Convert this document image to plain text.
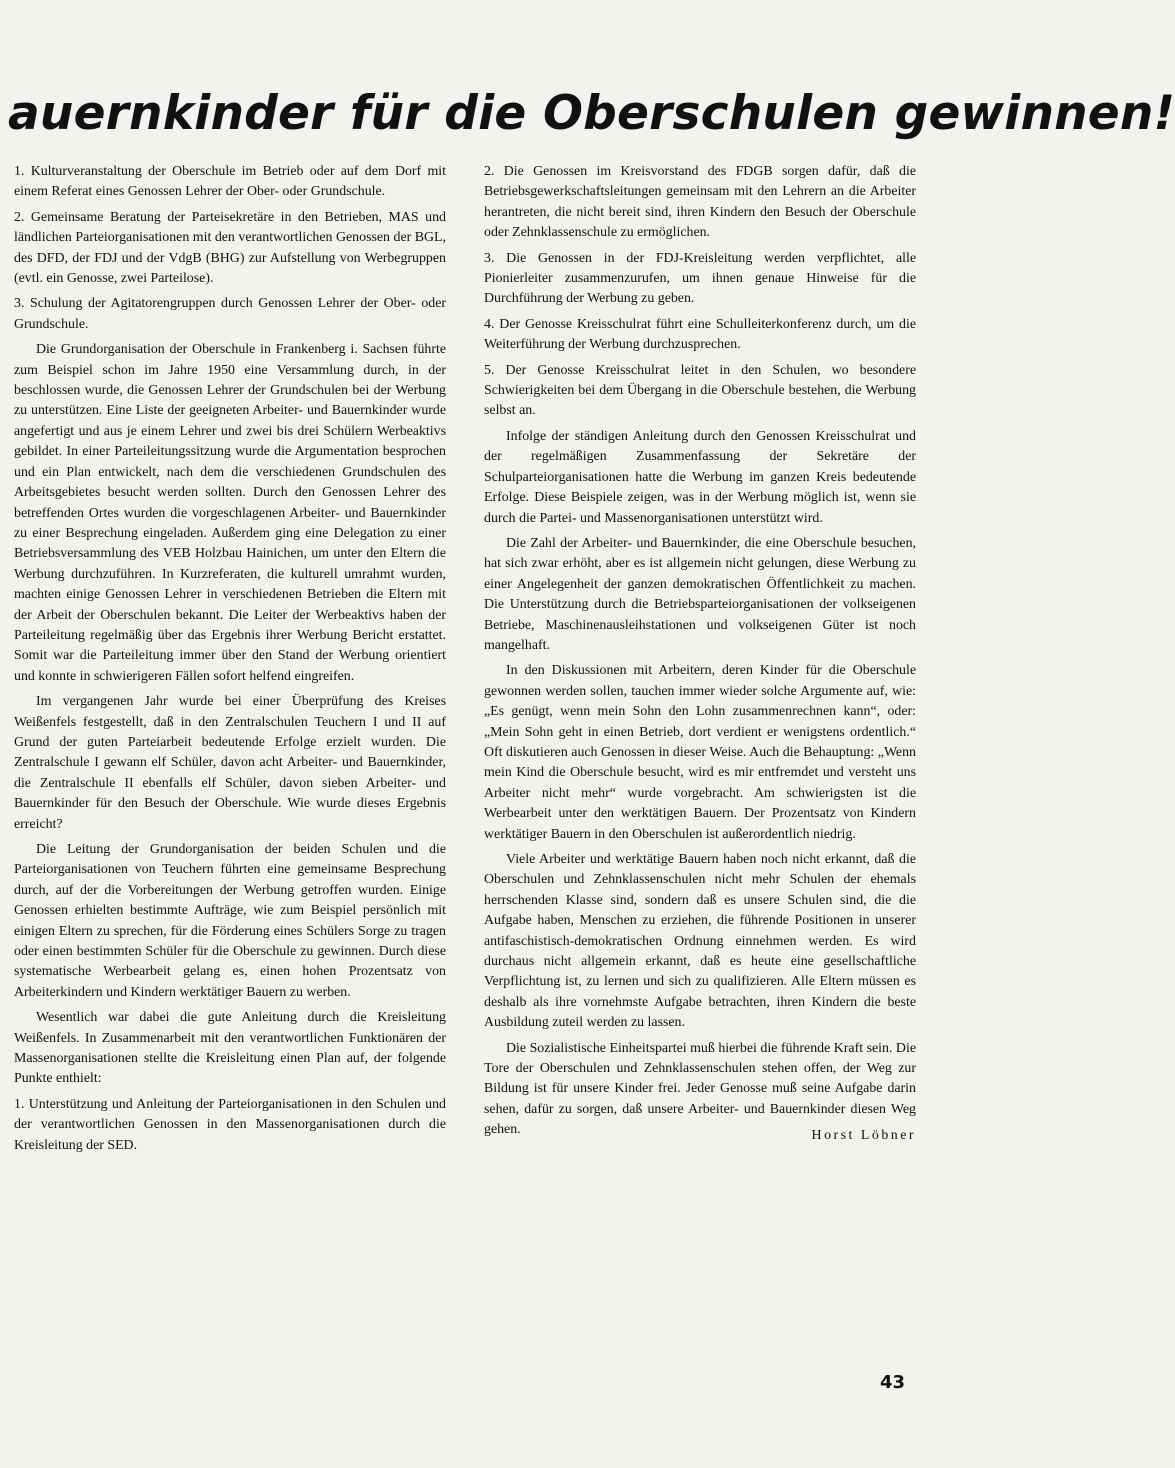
auernkinder für die Oberschulen gewinnen!

1. Kulturveranstaltung der Oberschule im Betrieb oder auf dem Dorf mit einem Referat eines Genossen Lehrer der Ober- oder Grundschule.

2. Gemeinsame Beratung der Parteisekretäre in den Betrieben, MAS und ländlichen Parteiorganisationen mit den verantwortlichen Genossen der BGL, des DFD, der FDJ und der VdgB (BHG) zur Aufstellung von Werbegruppen (evtl. ein Genosse, zwei Parteilose).

3. Schulung der Agitatorengruppen durch Genossen Lehrer der Ober- oder Grundschule.

Die Grundorganisation der Oberschule in Frankenberg i. Sachsen führte zum Beispiel schon im Jahre 1950 eine Versammlung durch, in der beschlossen wurde, die Genossen Lehrer der Grundschulen bei der Werbung zu unterstützen. Eine Liste der geeigneten Arbeiter- und Bauernkinder wurde angefertigt und aus je einem Lehrer und zwei bis drei Schülern Werbeaktivs gebildet. In einer Parteileitungssitzung wurde die Argumentation besprochen und ein Plan entwickelt, nach dem die verschiedenen Grundschulen des Arbeitsgebietes besucht werden sollten. Durch den Genossen Lehrer des betreffenden Ortes wurden die vorgeschlagenen Arbeiter- und Bauernkinder zu einer Besprechung eingeladen. Außerdem ging eine Delegation zu einer Betriebsversammlung des VEB Holzbau Hainichen, um unter den Eltern die Werbung durchzuführen. In Kurzreferaten, die kulturell umrahmt wurden, machten einige Genossen Lehrer in verschiedenen Betrieben die Eltern mit der Arbeit der Oberschulen bekannt. Die Leiter der Werbeaktivs haben der Parteileitung regelmäßig über das Ergebnis ihrer Werbung Bericht erstattet. Somit war die Parteileitung immer über den Stand der Werbung orientiert und konnte in schwierigeren Fällen sofort helfend eingreifen.

Im vergangenen Jahr wurde bei einer Überprüfung des Kreises Weißenfels festgestellt, daß in den Zentralschulen Teuchern I und II auf Grund der guten Parteiarbeit bedeutende Erfolge erzielt wurden. Die Zentralschule I gewann elf Schüler, davon acht Arbeiter- und Bauernkinder, die Zentralschule II ebenfalls elf Schüler, davon sieben Arbeiter- und Bauernkinder für den Besuch der Oberschule. Wie wurde dieses Ergebnis erreicht?

Die Leitung der Grundorganisation der beiden Schulen und die Parteiorganisationen von Teuchern führten eine gemeinsame Besprechung durch, auf der die Vorbereitungen der Werbung getroffen wurden. Einige Genossen erhielten bestimmte Aufträge, wie zum Beispiel persönlich mit einigen Eltern zu sprechen, für die Förderung eines Schülers Sorge zu tragen oder einen bestimmten Schüler für die Oberschule zu gewinnen. Durch diese systematische Werbearbeit gelang es, einen hohen Prozentsatz von Arbeiterkindern und Kindern werktätiger Bauern zu werben.

Wesentlich war dabei die gute Anleitung durch die Kreisleitung Weißenfels. In Zusammenarbeit mit den verantwortlichen Funktionären der Massenorganisationen stellte die Kreisleitung einen Plan auf, der folgende Punkte enthielt:

1. Unterstützung und Anleitung der Parteiorganisationen in den Schulen und der verantwortlichen Genossen in den Massenorganisationen durch die Kreisleitung der SED.

2. Die Genossen im Kreisvorstand des FDGB sorgen dafür, daß die Betriebsgewerkschaftsleitungen gemeinsam mit den Lehrern an die Arbeiter herantreten, die nicht bereit sind, ihren Kindern den Besuch der Oberschule oder Zehnklassenschule zu ermöglichen.

3. Die Genossen in der FDJ-Kreisleitung werden verpflichtet, alle Pionierleiter zusammenzurufen, um ihnen genaue Hinweise für die Durchführung der Werbung zu geben.

4. Der Genosse Kreisschulrat führt eine Schulleiterkonferenz durch, um die Weiterführung der Werbung durchzusprechen.

5. Der Genosse Kreisschulrat leitet in den Schulen, wo besondere Schwierigkeiten bei dem Übergang in die Oberschule bestehen, die Werbung selbst an.

Infolge der ständigen Anleitung durch den Genossen Kreisschulrat und der regelmäßigen Zusammenfassung der Sekretäre der Schulparteiorganisationen hatte die Werbung im ganzen Kreis bedeutende Erfolge. Diese Beispiele zeigen, was in der Werbung möglich ist, wenn sie durch die Partei- und Massenorganisationen unterstützt wird.

Die Zahl der Arbeiter- und Bauernkinder, die eine Oberschule besuchen, hat sich zwar erhöht, aber es ist allgemein nicht gelungen, diese Werbung zu einer Angelegenheit der ganzen demokratischen Öffentlichkeit zu machen. Die Unterstützung durch die Betriebsparteiorganisationen der volkseigenen Betriebe, Maschinenausleihstationen und volkseigenen Güter ist noch mangelhaft.

In den Diskussionen mit Arbeitern, deren Kinder für die Oberschule gewonnen werden sollen, tauchen immer wieder solche Argumente auf, wie: „Es genügt, wenn mein Sohn den Lohn zusammenrechnen kann“, oder: „Mein Sohn geht in einen Betrieb, dort verdient er wenigstens ordentlich.“ Oft diskutieren auch Genossen in dieser Weise. Auch die Behauptung: „Wenn mein Kind die Oberschule besucht, wird es mir entfremdet und versteht uns Arbeiter nicht mehr“ wurde vorgebracht. Am schwierigsten ist die Werbearbeit unter den werktätigen Bauern. Der Prozentsatz von Kindern werktätiger Bauern in den Oberschulen ist außerordentlich niedrig.

Viele Arbeiter und werktätige Bauern haben noch nicht erkannt, daß die Oberschulen und Zehnklassenschulen nicht mehr Schulen der ehemals herrschenden Klasse sind, sondern daß es unsere Schulen sind, die die Aufgabe haben, Menschen zu erziehen, die führende Positionen in unserer antifaschistisch-demokratischen Ordnung einnehmen werden. Es wird durchaus nicht allgemein erkannt, daß es heute eine gesellschaftliche Verpflichtung ist, zu lernen und sich zu qualifizieren. Alle Eltern müssen es deshalb als ihre vornehmste Aufgabe betrachten, ihren Kindern die beste Ausbildung zuteil werden zu lassen.

Die Sozialistische Einheitspartei muß hierbei die führende Kraft sein. Die Tore der Oberschulen und Zehnklassenschulen stehen offen, der Weg zur Bildung ist für unsere Kinder frei. Jeder Genosse muß seine Aufgabe darin sehen, dafür zu sorgen, daß unsere Arbeiter- und Bauernkinder diesen Weg gehen.	Horst Löbner
43
